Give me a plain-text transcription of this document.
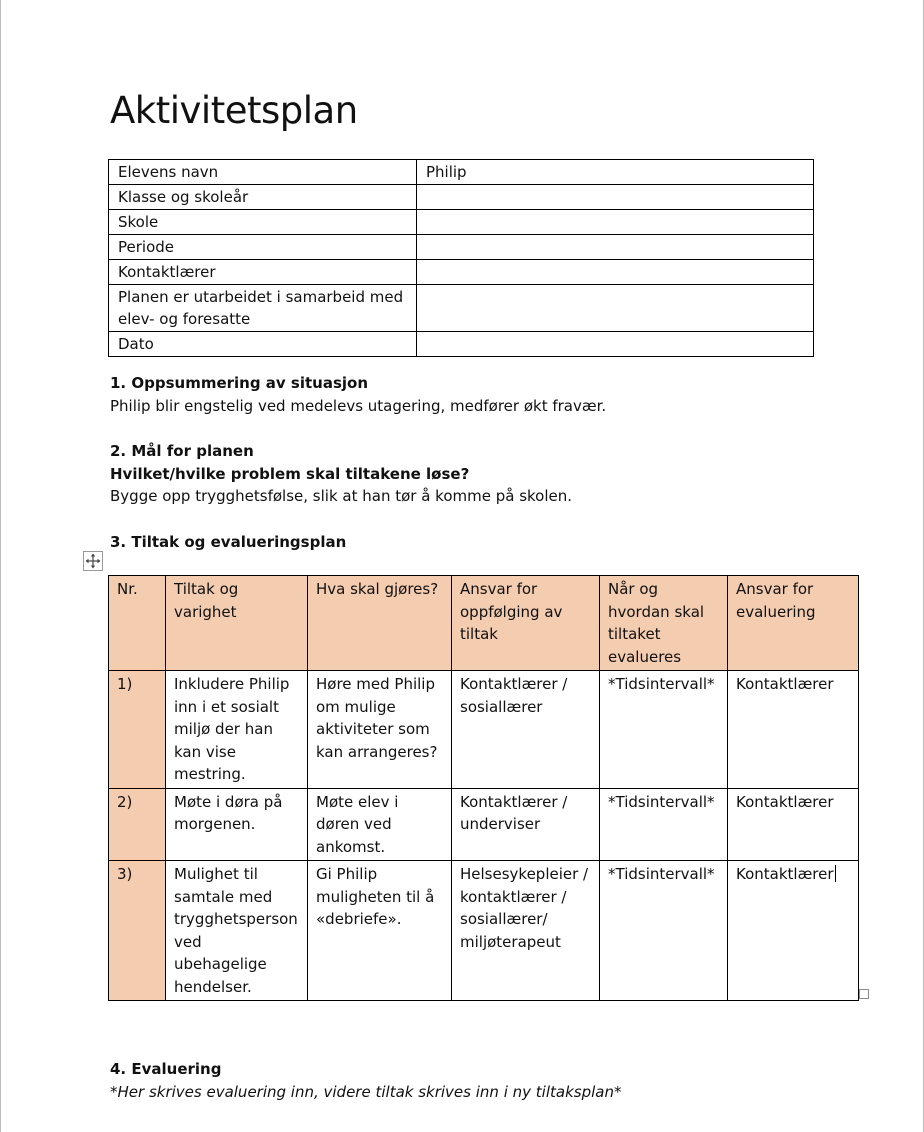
Aktivitetsplan
Elevens navn	Philip
Klasse og skoleår	
Skole	
Periode	
Kontaktlærer	
Planen er utarbeidet i samarbeid med
elev- og foresatte	
Dato	
1. Oppsummering av situasjon
Philip blir engstelig ved medelevs utagering, medfører økt fravær.
2. Mål for planen
Hvilket/hvilke problem skal tiltakene løse?
Bygge opp trygghetsfølse, slik at han tør å komme på skolen.
3. Tiltak og evalueringsplan
Nr.	Tiltak og varighet	Hva skal gjøres?	Ansvar for oppfølging av tiltak	Når og hvordan skal tiltaket evalueres	Ansvar for evaluering
1)	Inkludere Philip inn i et sosialt miljø der han kan vise mestring.	Høre med Philip om mulige aktiviteter som kan arrangeres?	Kontaktlærer / sosiallærer	*Tidsintervall*	Kontaktlærer
2)	Møte i døra på morgenen.	Møte elev i døren ved ankomst.	Kontaktlærer / underviser	*Tidsintervall*	Kontaktlærer
3)	Mulighet til samtale med trygghetsperson ved ubehagelige hendelser.	Gi Philip muligheten til å «debriefe».	Helsesykepleier / kontaktlærer / sosiallærer/ miljøterapeut	*Tidsintervall*	Kontaktlærer
4. Evaluering
*Her skrives evaluering inn, videre tiltak skrives inn i ny tiltaksplan*
